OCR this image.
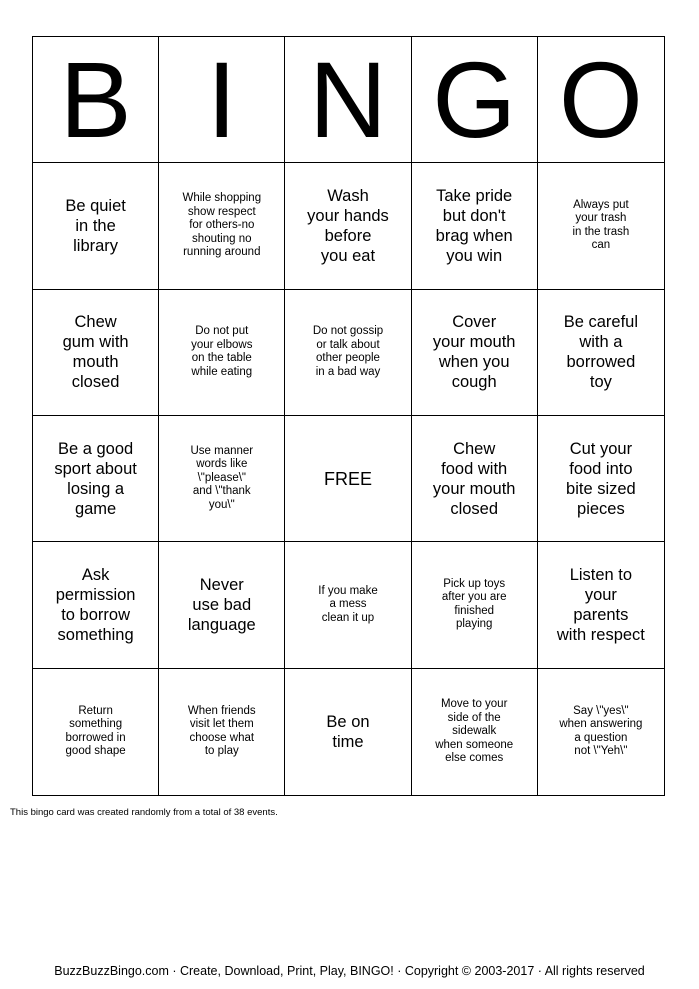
B I N G O
Be quiet
in the
library
While shopping
show respect
for others-no
shouting no
running around
Wash
your hands
before
you eat
Take pride
but don't
brag when
you win
Always put
your trash
in the trash
can
Chew
gum with
mouth
closed
Do not put
your elbows
on the table
while eating
Do not gossip
or talk about
other people
in a bad way
Cover
your mouth
when you
cough
Be careful
with a
borrowed
toy
Be a good
sport about
losing a
game
Use manner
words like
\"please\"
and \"thank
you\"
FREE
Chew
food with
your mouth
closed
Cut your
food into
bite sized
pieces
Ask
permission
to borrow
something
Never
use bad
language
If you make
a mess
clean it up
Pick up toys
after you are
finished
playing
Listen to
your
parents
with respect
Return
something
borrowed in
good shape
When friends
visit let them
choose what
to play
Be on
time
Move to your
side of the
sidewalk
when someone
else comes
Say \"yes\"
when answering
a question
not \"Yeh\"
This bingo card was created randomly from a total of 38 events.
BuzzBuzzBingo.com · Create, Download, Print, Play, BINGO! · Copyright © 2003-2017 · All rights reserved
